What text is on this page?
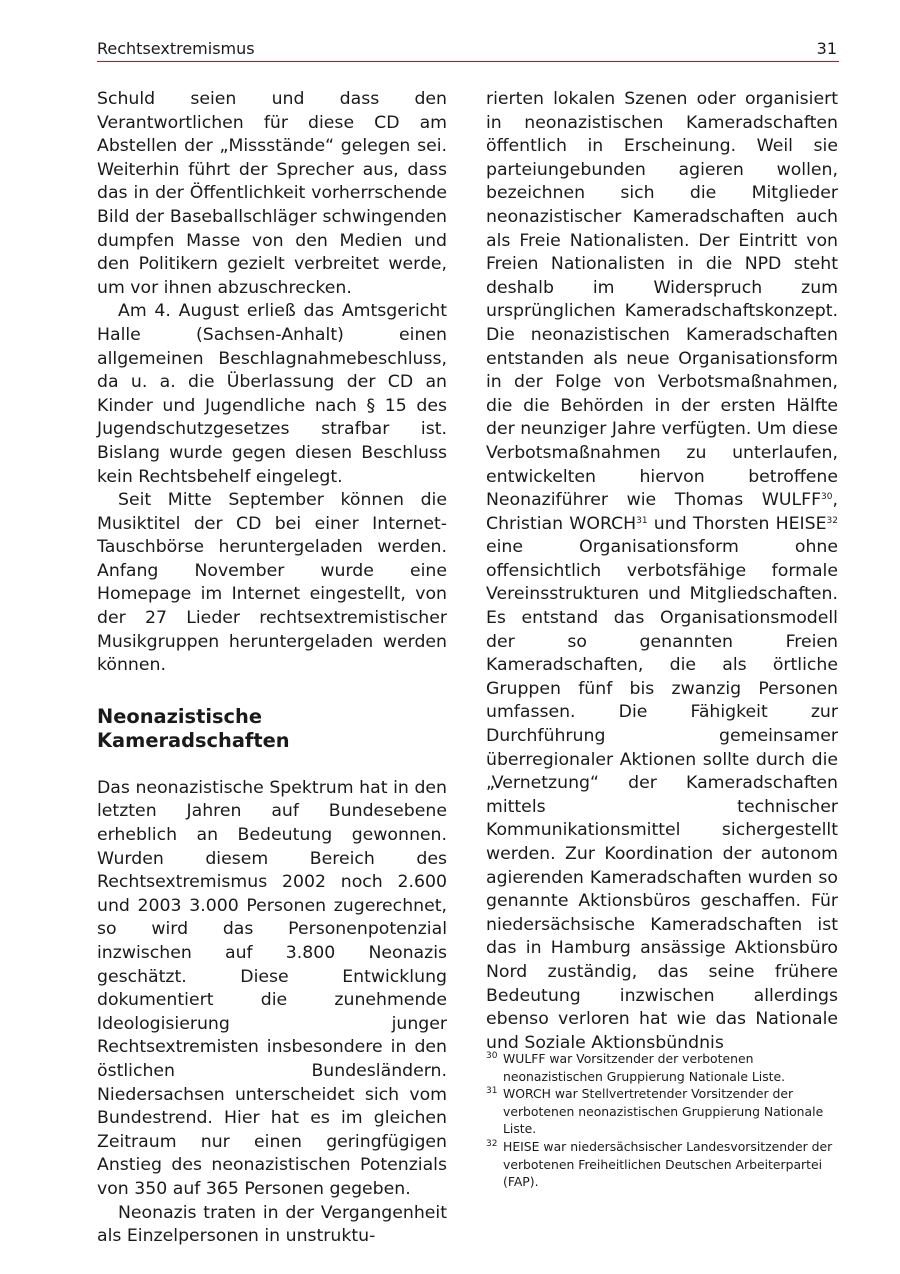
Rechtsextremismus	31

Schuld seien und dass den Verantwortlichen für diese CD am Abstellen der „Missstände“ gelegen sei. Weiterhin führt der Sprecher aus, dass das in der Öffentlichkeit vorherrschende Bild der Baseballschläger schwingenden dumpfen Masse von den Medien und den Politikern gezielt verbreitet werde, um vor ihnen abzuschrecken.

Am 4. August erließ das Amtsgericht Halle (Sachsen-Anhalt) einen allgemeinen Beschlagnahmebeschluss, da u. a. die Überlassung der CD an Kinder und Jugendliche nach § 15 des Jugendschutzgesetzes strafbar ist. Bislang wurde gegen diesen Beschluss kein Rechtsbehelf eingelegt.

Seit Mitte September können die Musiktitel der CD bei einer Internet-Tauschbörse heruntergeladen werden. Anfang November wurde eine Homepage im Internet eingestellt, von der 27 Lieder rechtsextremistischer Musikgruppen heruntergeladen werden können.

Neonazistische Kameradschaften

Das neonazistische Spektrum hat in den letzten Jahren auf Bundesebene erheblich an Bedeutung gewonnen. Wurden diesem Bereich des Rechtsextremismus 2002 noch 2.600 und 2003 3.000 Personen zugerechnet, so wird das Personenpotenzial inzwischen auf 3.800 Neonazis geschätzt. Diese Entwicklung dokumentiert die zunehmende Ideologisierung junger Rechtsextremisten insbesondere in den östlichen Bundesländern. Niedersachsen unterscheidet sich vom Bundestrend. Hier hat es im gleichen Zeitraum nur einen geringfügigen Anstieg des neonazistischen Potenzials von 350 auf 365 Personen gegeben.

Neonazis traten in der Vergangenheit als Einzelpersonen in unstruktu-

rierten lokalen Szenen oder organisiert in neonazistischen Kameradschaften öffentlich in Erscheinung. Weil sie parteiungebunden agieren wollen, bezeichnen sich die Mitglieder neonazistischer Kameradschaften auch als Freie Nationalisten. Der Eintritt von Freien Nationalisten in die NPD steht deshalb im Widerspruch zum ursprünglichen Kameradschaftskonzept. Die neonazistischen Kameradschaften entstanden als neue Organisationsform in der Folge von Verbotsmaßnahmen, die die Behörden in der ersten Hälfte der neunziger Jahre verfügten. Um diese Verbotsmaßnahmen zu unterlaufen, entwickelten hiervon betroffene Neonaziführer wie Thomas WULFF$^{30}$, Christian WORCH$^{31}$ und Thorsten HEISE$^{32}$ eine Organisationsform ohne offensichtlich verbotsfähige formale Vereinsstrukturen und Mitgliedschaften. Es entstand das Organisationsmodell der so genannten Freien Kameradschaften, die als örtliche Gruppen fünf bis zwanzig Personen umfassen. Die Fähigkeit zur Durchführung gemeinsamer überregionaler Aktionen sollte durch die „Vernetzung“ der Kameradschaften mittels technischer Kommunikationsmittel sichergestellt werden. Zur Koordination der autonom agierenden Kameradschaften wurden so genannte Aktionsbüros geschaffen. Für niedersächsische Kameradschaften ist das in Hamburg ansässige Aktionsbüro Nord zuständig, das seine frühere Bedeutung inzwischen allerdings ebenso verloren hat wie das Nationale und Soziale Aktionsbündnis

30 WULFF war Vorsitzender der verbotenen neonazistischen Gruppierung Nationale Liste.
31 WORCH war Stellvertretender Vorsitzender der verbotenen neonazistischen Gruppierung Nationale Liste.
32 HEISE war niedersächsischer Landesvorsitzender der verbotenen Freiheitlichen Deutschen Arbeiterpartei (FAP).
